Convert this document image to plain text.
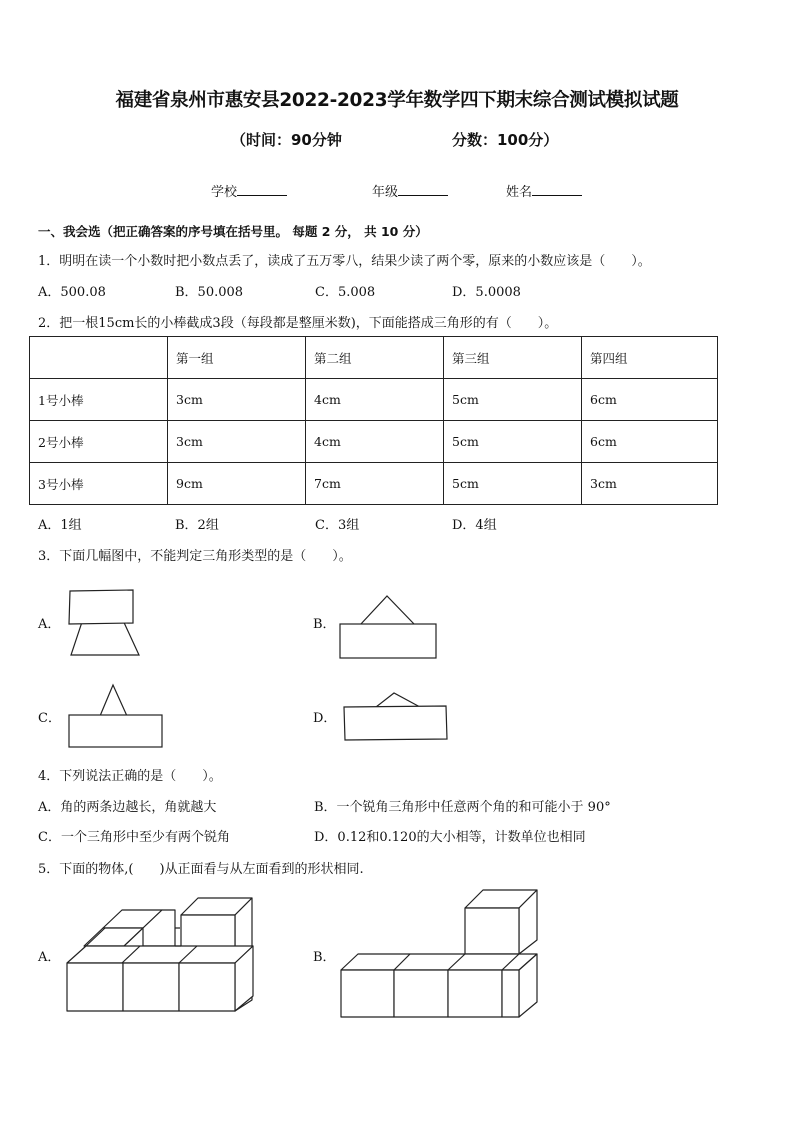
福建省泉州市惠安县2022-2023学年数学四下期末综合测试模拟试题
（时间：90分钟	分数：100分）
学校	年级	姓名
一、我会选（把正确答案的序号填在括号里。 每题 2 分， 共 10 分）
1．明明在读一个小数时把小数点丢了，读成了五万零八，结果少读了两个零，原来的小数应该是（　　）。
A．500.08	B．50.008	C．5.008	D．5.0008
2．把一根15cm长的小棒截成3段（每段都是整厘米数)，下面能搭成三角形的有（　　）。
	第一组	第二组	第三组	第四组
1号小棒	3cm	4cm	5cm	6cm
2号小棒	3cm	4cm	5cm	6cm
3号小棒	9cm	7cm	5cm	3cm
A．1组	B．2组	C．3组	D．4组
3．下面几幅图中，不能判定三角形类型的是（　　）。
A．	B．
C．	D．
4．下列说法正确的是（　　）。
A．角的两条边越长，角就越大	B．一个锐角三角形中任意两个角的和可能小于 90°
C．一个三角形中至少有两个锐角	D．0.12和0.120的大小相等，计数单位也相同
5．下面的物体,(　　)从正面看与从左面看到的形状相同.
A．	B．
